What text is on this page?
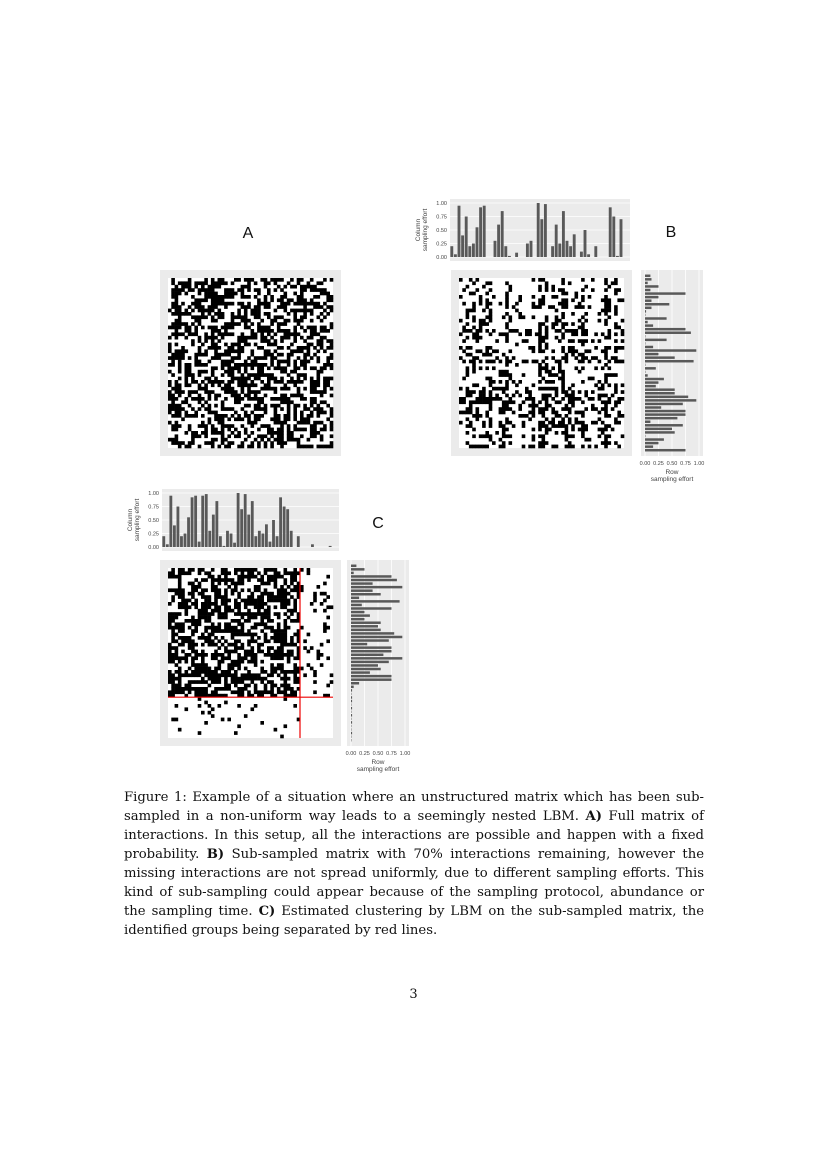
A	B
C
1.00
0.75
0.50
0.25
0.00
Column sampling effort
0.00 0.25 0.50 0.75 1.00
Row
sampling effort
1.00
0.75
0.50
0.25
0.00
Column sampling effort
0.00 0.25 0.50 0.75 1.00
Row
sampling effort
Figure 1: Example of a situation where an unstructured matrix which has been sub-sampled in a non-uniform way leads to a seemingly nested LBM. A) Full matrix of interactions. In this setup, all the interactions are possible and happen with a fixed probability. B) Sub-sampled matrix with 70% interactions remaining, however the missing interactions are not spread uniformly, due to different sampling efforts. This kind of sub-sampling could appear because of the sampling protocol, abundance or the sampling time. C) Estimated clustering by LBM on the sub-sampled matrix, the identified groups being separated by red lines.
3
